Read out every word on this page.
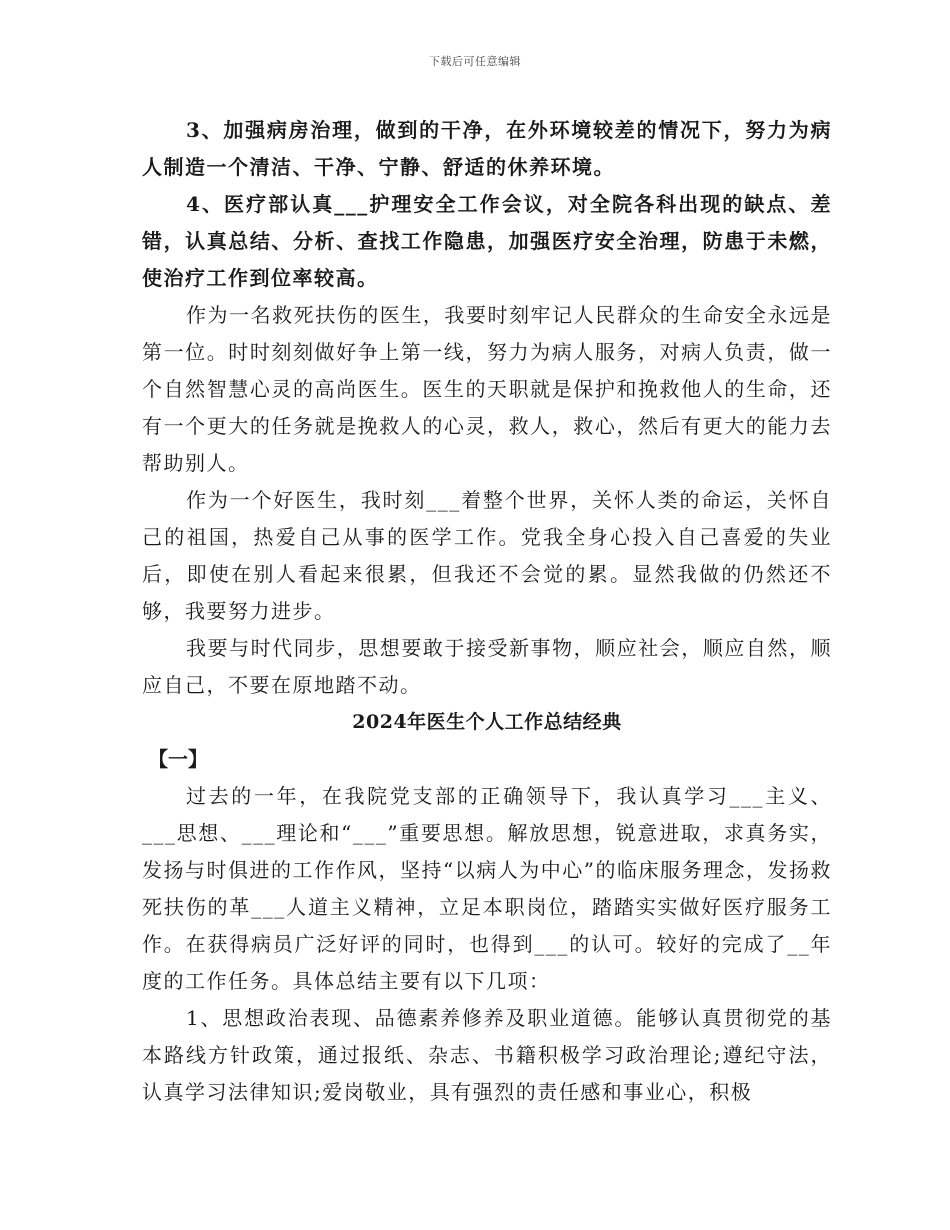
下载后可任意编辑

3、加强病房治理，做到的干净，在外环境较差的情况下，努力为病人制造一个清洁、干净、宁静、舒适的休养环境。

4、医疗部认真___护理安全工作会议，对全院各科出现的缺点、差错，认真总结、分析、查找工作隐患，加强医疗安全治理，防患于未燃，使治疗工作到位率较高。

作为一名救死扶伤的医生，我要时刻牢记人民群众的生命安全永远是第一位。时时刻刻做好争上第一线，努力为病人服务，对病人负责，做一个自然智慧心灵的高尚医生。医生的天职就是保护和挽救他人的生命，还有一个更大的任务就是挽救人的心灵，救人，救心，然后有更大的能力去帮助别人。

作为一个好医生，我时刻___着整个世界，关怀人类的命运，关怀自己的祖国，热爱自己从事的医学工作。党我全身心投入自己喜爱的失业后，即使在别人看起来很累，但我还不会觉的累。显然我做的仍然还不够，我要努力进步。

我要与时代同步，思想要敢于接受新事物，顺应社会，顺应自然，顺应自己，不要在原地踏不动。

2024年医生个人工作总结经典

【一】

过去的一年，在我院党支部的正确领导下，我认真学习___主义、___思想、___理论和“___”重要思想。解放思想，锐意进取，求真务实，发扬与时俱进的工作作风，坚持“以病人为中心”的临床服务理念，发扬救死扶伤的革___人道主义精神，立足本职岗位，踏踏实实做好医疗服务工作。在获得病员广泛好评的同时，也得到___的认可。较好的完成了__年度的工作任务。具体总结主要有以下几项：

1、思想政治表现、品德素养修养及职业道德。能够认真贯彻党的基本路线方针政策，通过报纸、杂志、书籍积极学习政治理论;遵纪守法，认真学习法律知识;爱岗敬业，具有强烈的责任感和事业心，积极
